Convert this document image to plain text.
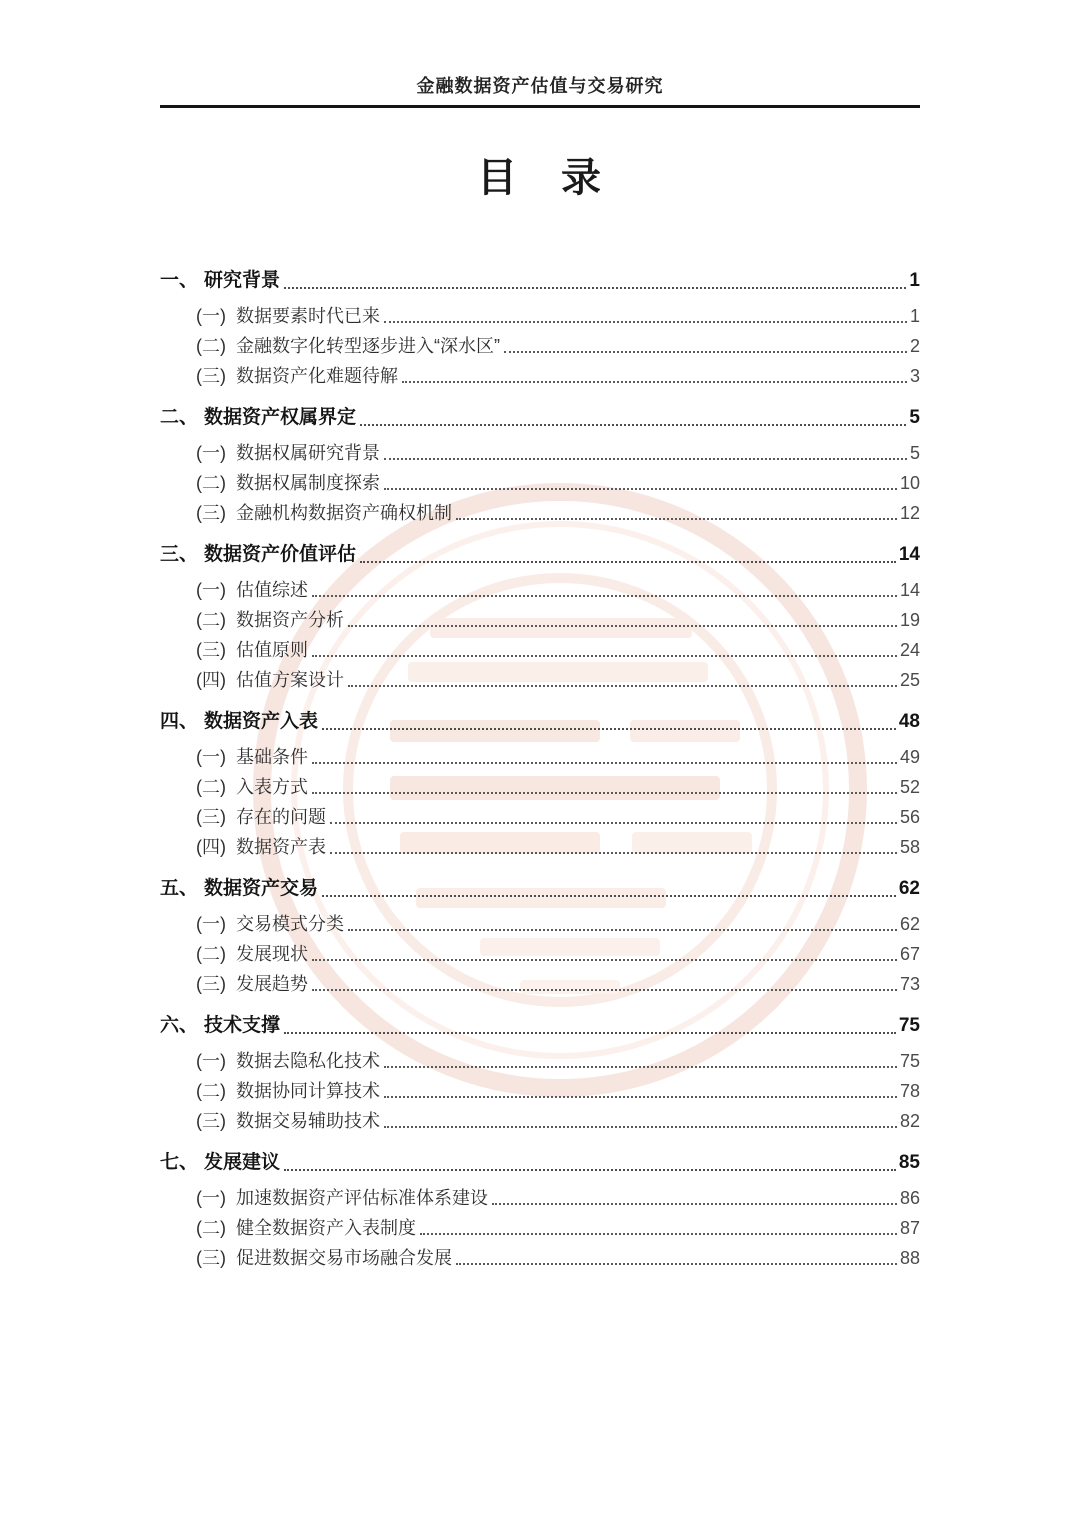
金融数据资产估值与交易研究
目　录
一、 研究背景	1
(一) 数据要素时代已来	1
(二) 金融数字化转型逐步进入“深水区”	2
(三) 数据资产化难题待解	3
二、 数据资产权属界定	5
(一) 数据权属研究背景	5
(二) 数据权属制度探索	10
(三) 金融机构数据资产确权机制	12
三、 数据资产价值评估	14
(一) 估值综述	14
(二) 数据资产分析	19
(三) 估值原则	24
(四) 估值方案设计	25
四、 数据资产入表	48
(一) 基础条件	49
(二) 入表方式	52
(三) 存在的问题	56
(四) 数据资产表	58
五、 数据资产交易	62
(一) 交易模式分类	62
(二) 发展现状	67
(三) 发展趋势	73
六、 技术支撑	75
(一) 数据去隐私化技术	75
(二) 数据协同计算技术	78
(三) 数据交易辅助技术	82
七、 发展建议	85
(一) 加速数据资产评估标准体系建设	86
(二) 健全数据资产入表制度	87
(三) 促进数据交易市场融合发展	88
